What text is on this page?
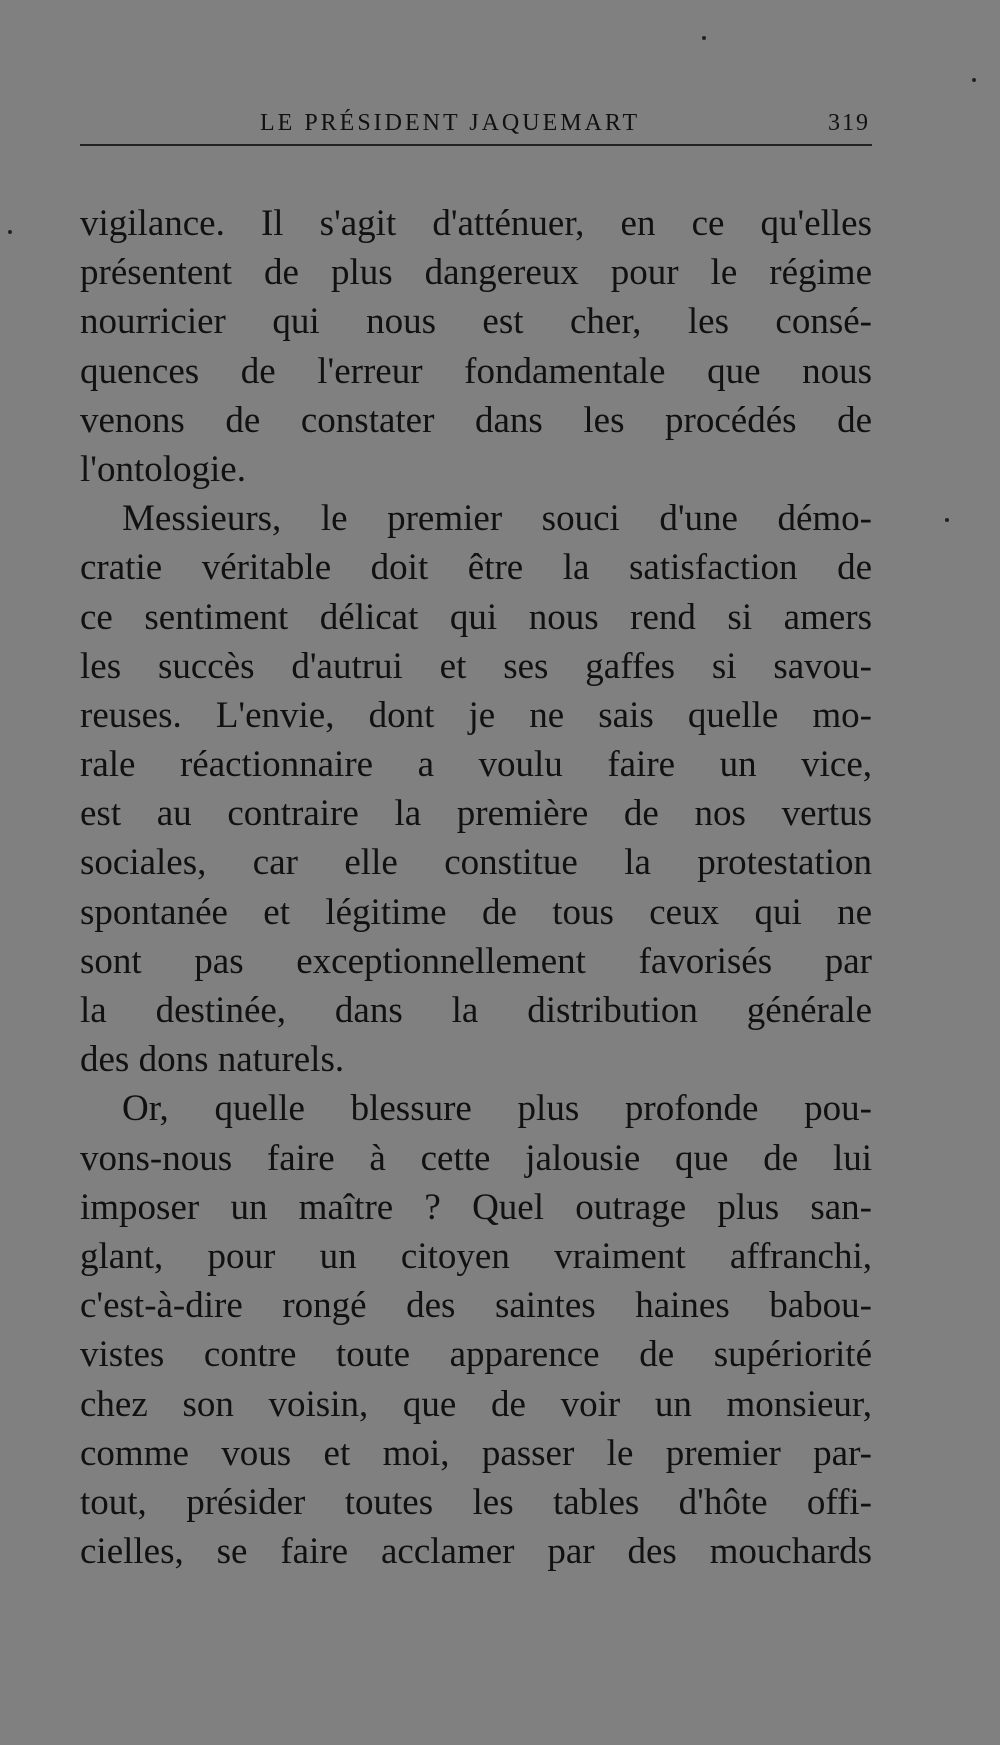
LE PRÉSIDENT JAQUEMART	319
vigilance. Il s'agit d'atténuer, en ce qu'elles
présentent de plus dangereux pour le régime
nourricier qui nous est cher, les consé-
quences de l'erreur fondamentale que nous
venons de constater dans les procédés de
l'ontologie.
Messieurs, le premier souci d'une démo-
cratie véritable doit être la satisfaction de
ce sentiment délicat qui nous rend si amers
les succès d'autrui et ses gaffes si savou-
reuses. L'envie, dont je ne sais quelle mo-
rale réactionnaire a voulu faire un vice,
est au contraire la première de nos vertus
sociales, car elle constitue la protestation
spontanée et légitime de tous ceux qui ne
sont pas exceptionnellement favorisés par
la destinée, dans la distribution générale
des dons naturels.
Or, quelle blessure plus profonde pou-
vons-nous faire à cette jalousie que de lui
imposer un maître ? Quel outrage plus san-
glant, pour un citoyen vraiment affranchi,
c'est-à-dire rongé des saintes haines babou-
vistes contre toute apparence de supériorité
chez son voisin, que de voir un monsieur,
comme vous et moi, passer le premier par-
tout, présider toutes les tables d'hôte offi-
cielles, se faire acclamer par des mouchards
